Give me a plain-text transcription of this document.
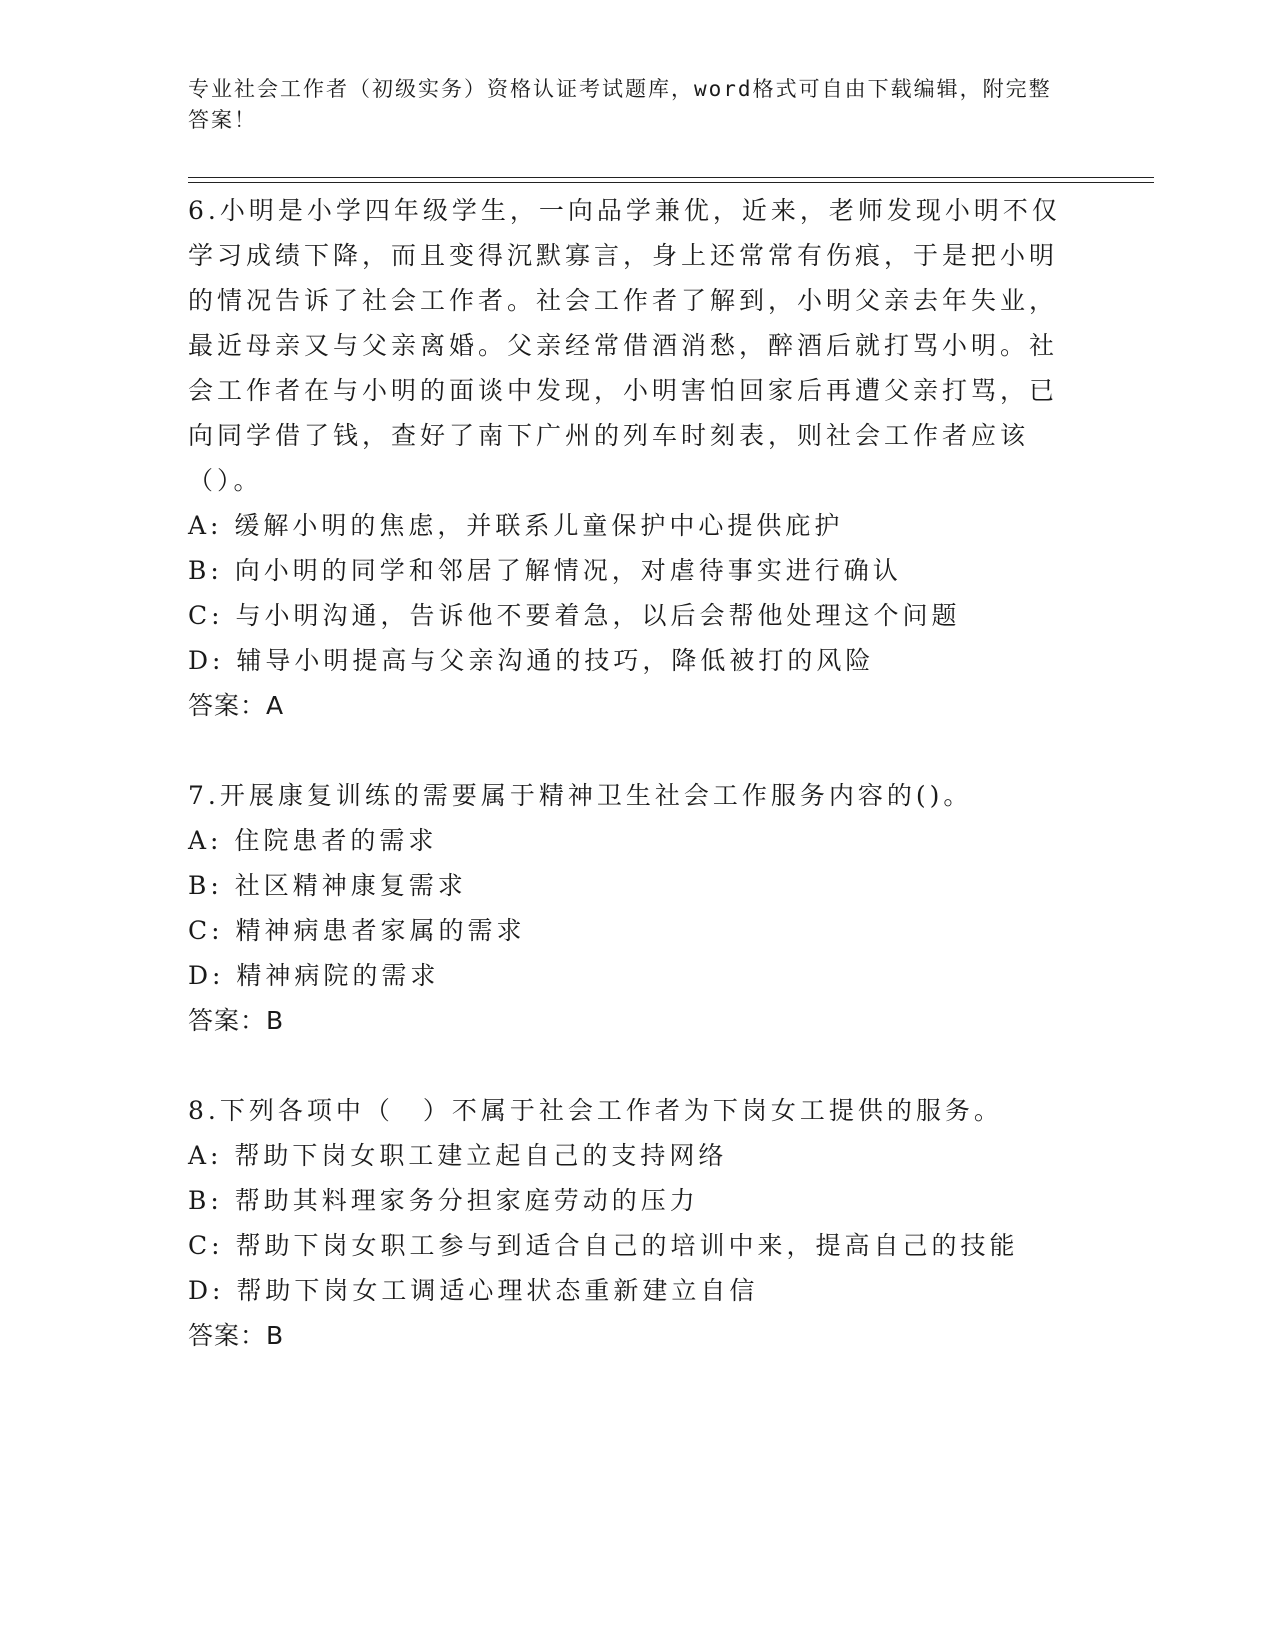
专业社会工作者（初级实务）资格认证考试题库，word格式可自由下载编辑，附完整答案！

6.小明是小学四年级学生，一向品学兼优，近来，老师发现小明不仅学习成绩下降，而且变得沉默寡言，身上还常常有伤痕，于是把小明的情况告诉了社会工作者。社会工作者了解到，小明父亲去年失业，最近母亲又与父亲离婚。父亲经常借酒消愁，醉酒后就打骂小明。社会工作者在与小明的面谈中发现，小明害怕回家后再遭父亲打骂，已向同学借了钱，查好了南下广州的列车时刻表，则社会工作者应该（）。

A: 缓解小明的焦虑，并联系儿童保护中心提供庇护

B: 向小明的同学和邻居了解情况，对虐待事实进行确认

C: 与小明沟通，告诉他不要着急，以后会帮他处理这个问题

D: 辅导小明提高与父亲沟通的技巧，降低被打的风险

答案：A

7.开展康复训练的需要属于精神卫生社会工作服务内容的()。

A: 住院患者的需求

B: 社区精神康复需求

C: 精神病患者家属的需求

D: 精神病院的需求

答案：B

8.下列各项中（　）不属于社会工作者为下岗女工提供的服务。

A: 帮助下岗女职工建立起自己的支持网络

B: 帮助其料理家务分担家庭劳动的压力

C: 帮助下岗女职工参与到适合自己的培训中来，提高自己的技能

D: 帮助下岗女工调适心理状态重新建立自信

答案：B
